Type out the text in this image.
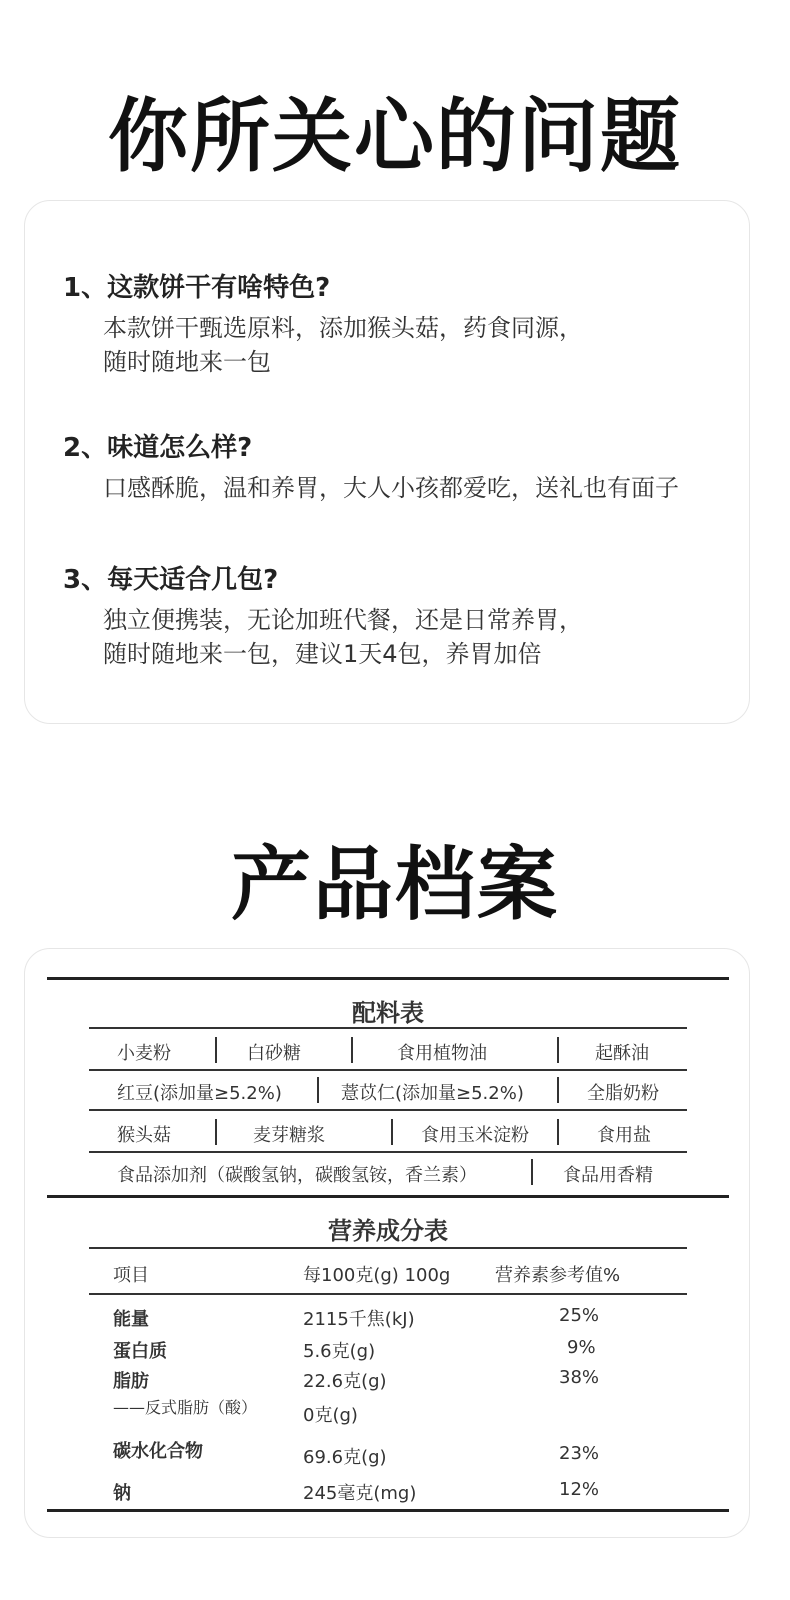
你所关心的问题
1、这款饼干有啥特色?
本款饼干甄选原料，添加猴头菇，药食同源，
随时随地来一包
2、味道怎么样?
口感酥脆，温和养胃，大人小孩都爱吃，送礼也有面子
3、每天适合几包?
独立便携装，无论加班代餐，还是日常养胃，
随时随地来一包，建议1天4包，养胃加倍
产品档案
配料表
小麦粉	白砂糖	食用植物油	起酥油
红豆(添加量≥5.2%)	薏苡仁(添加量≥5.2%)	全脂奶粉
猴头菇	麦芽糖浆	食用玉米淀粉	食用盐
食品添加剂（碳酸氢钠，碳酸氢铵，香兰素）	食品用香精
营养成分表
项目	每100克(g) 100g 营养素参考值%
能量	2115千焦(kJ)	25%
蛋白质	5.6克(g)	9%
脂肪	22.6克(g)	38%
——反式脂肪（酸）	0克(g)
碳水化合物	69.6克(g)	23%
钠	245毫克(mg)	12%
